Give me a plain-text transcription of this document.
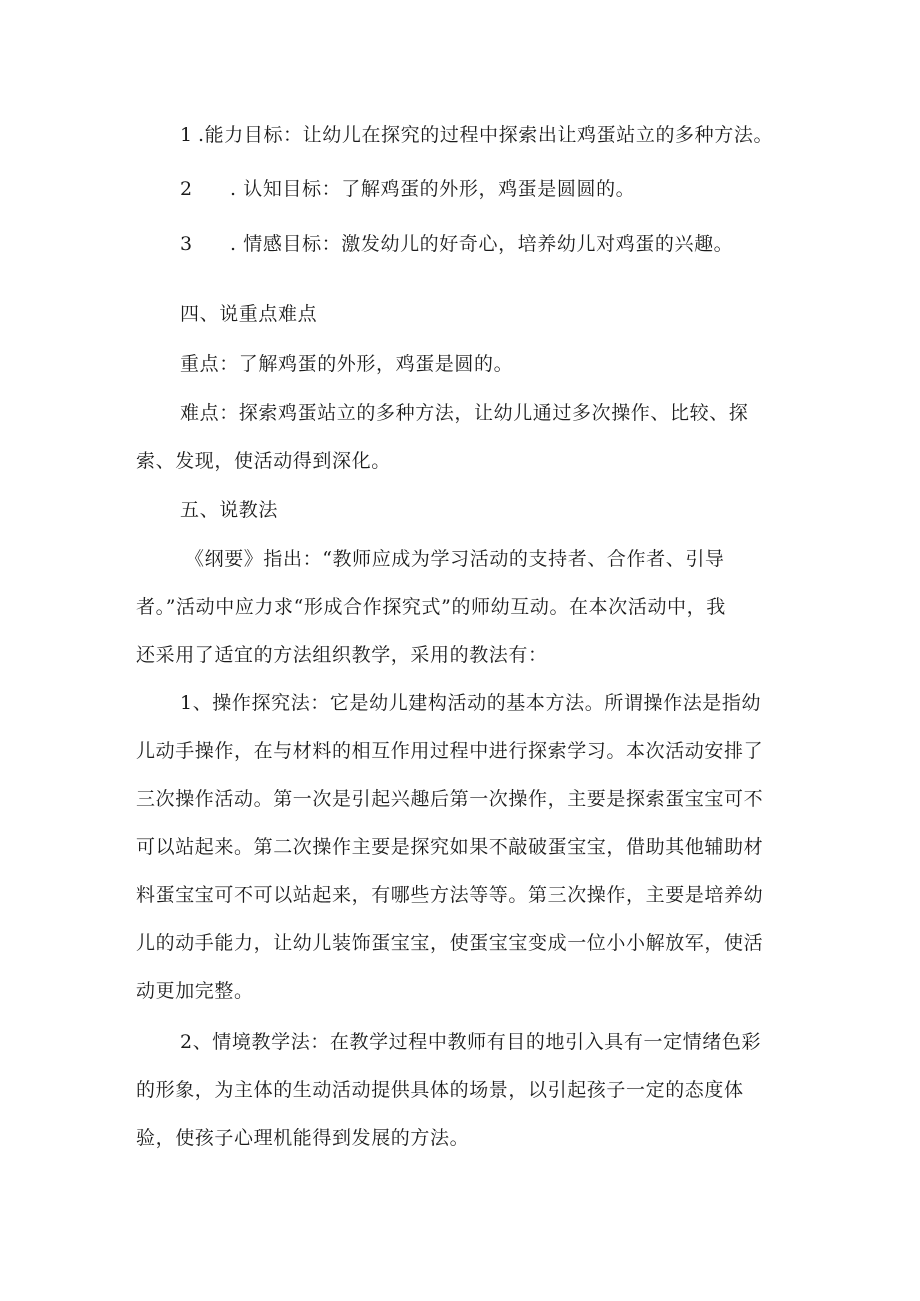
1 .能力目标：让幼儿在探究的过程中探索出让鸡蛋站立的多种方法。

2 . 认知目标：了解鸡蛋的外形，鸡蛋是圆圆的。

3 . 情感目标：激发幼儿的好奇心，培养幼儿对鸡蛋的兴趣。

四、说重点难点

重点：了解鸡蛋的外形，鸡蛋是圆的。

难点：探索鸡蛋站立的多种方法，让幼儿通过多次操作、比较、探

索、发现，使活动得到深化。

五、说教法

《纲要》指出：“教师应成为学习活动的支持者、合作者、引导

者。”活动中应力求“形成合作探究式”的师幼互动。在本次活动中，我

还采用了适宜的方法组织教学，采用的教法有：

1、操作探究法：它是幼儿建构活动的基本方法。所谓操作法是指幼

儿动手操作，在与材料的相互作用过程中进行探索学习。本次活动安排了

三次操作活动。第一次是引起兴趣后第一次操作，主要是探索蛋宝宝可不

可以站起来。第二次操作主要是探究如果不敲破蛋宝宝，借助其他辅助材

料蛋宝宝可不可以站起来，有哪些方法等等。第三次操作，主要是培养幼

儿的动手能力，让幼儿装饰蛋宝宝，使蛋宝宝变成一位小小解放军，使活

动更加完整。

2、情境教学法：在教学过程中教师有目的地引入具有一定情绪色彩

的形象，为主体的生动活动提供具体的场景，以引起孩子一定的态度体

验，使孩子心理机能得到发展的方法。
